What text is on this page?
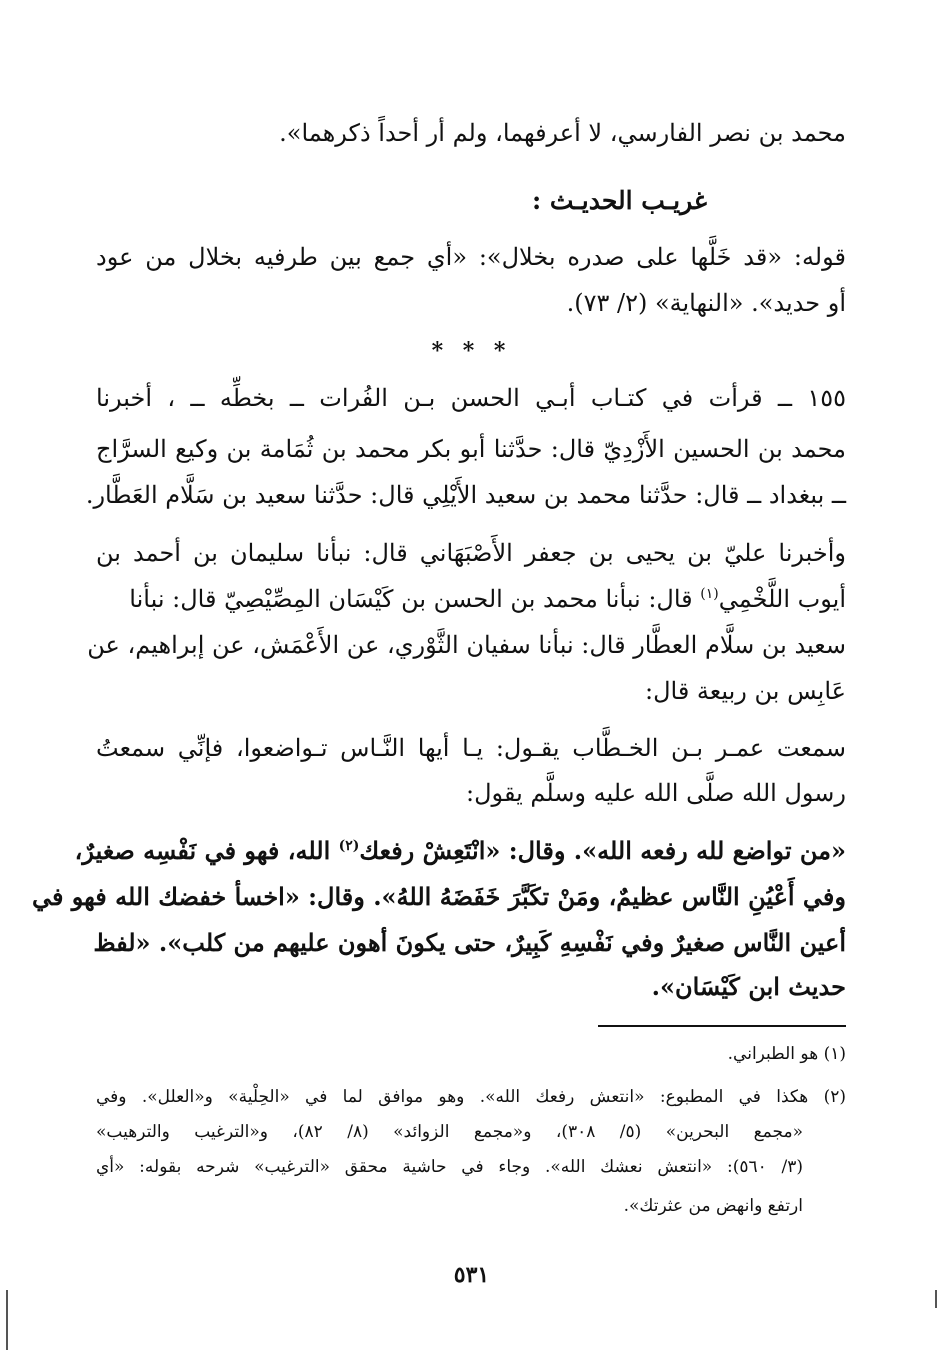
محمد بن نصر الفارسي، لا أعرفهما، ولم أر أحداً ذكرهما».
غريـب الحديـث :
قوله: «قد خَلَّها على صدره بخلال»: «أي جمع بين طرفيه بخلال من عود
أو حديد». «النهاية» (٢/ ٧٣).
* * *
١٥٥ ــ قرأت في كتـاب أبـي الحسن بـن الفُرات ــ بخطِّه ــ ، أخبرنا
محمد بن الحسين الأَزْدِيّ قال: حدَّثنا أبو بكر محمد بن ثُمَامة بن وكيع السرَّاج
ــ ببغداد ــ قال: حدَّثنا محمد بن سعيد الأَيْلِي قال: حدَّثنا سعيد بن سَلَّام العَطَّار.
وأخبرنا عليّ بن يحيى بن جعفر الأَصْبَهَاني قال: نبأنا سليمان بن أحمد بن
أيوب اللَّخْمِي$^{(١)}$ قال: نبأنا محمد بن الحسن بن كَيْسَان المِصِّيْصِيّ قال: نبأنا
سعيد بن سلَّام العطَّار قال: نبأنا سفيان الثَّوْري، عن الأَعْمَش، عن إبراهيم، عن
عَابِس بن ربيعة قال:
سمعت عمـر بـن الخـطَّاب يقـول: يـا أيها النَّـاس تـواضعوا، فإنِّي سمعتُ
رسول الله صلَّى الله عليه وسلَّم يقول:
«من تواضع لله رفعه الله». وقال: «انْتَعِشْ رفعك$^{(٢)}$ الله، فهو في نَفْسِه صغيرٌ،
وفي أَعْيُنِ النَّاس عظيمٌ، ومَنْ تكَبَّرَ خَفَضَهُ اللهُ». وقال: «اخسأ خفضك الله فهو في
أعين النَّاس صغيرٌ وفي نَفْسِهِ كَبِيرٌ، حتى يكونَ أهون عليهم من كلب». «لفظ
حديث ابن كَيْسَان».
(١) هو الطبراني.
(٢) هكذا في المطبوع: «انتعش رفعك الله». وهو موافق لما في «الحِلْية» و«العلل». وفي
«مجمع البحرين» (٥/ ٣٠٨)، و«مجمع الزوائد» (٨/ ٨٢)، و«الترغيب والترهيب»
(٣/ ٥٦٠): «انتعش نعشك الله». وجاء في حاشية محقق «الترغيب» شرحه بقوله: «أي
ارتفع وانهض من عثرتك».
٥٣١
